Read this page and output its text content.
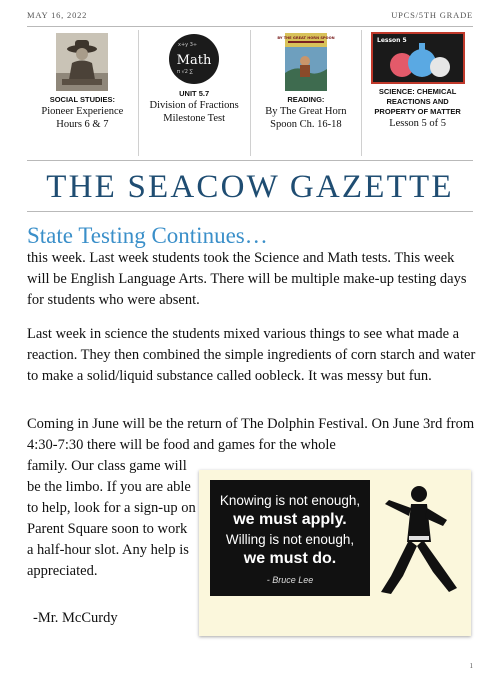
MAY 16, 2022	UPCS/5TH GRADE
SOCIAL STUDIES:
Pioneer Experience Hours 6 & 7
x+y 3÷
π √2 ∑
Math
UNIT 5.7
Division of Fractions Milestone Test
BY THE GREAT HORN SPOON
READING:
By The Great Horn Spoon Ch. 16-18
Lesson 5
SCIENCE: CHEMICAL REACTIONS AND PROPERTY OF MATTER
Lesson 5 of 5
THE SEACOW GAZETTE
State Testing Continues…
this week. Last week students took the Science and Math tests. This week will be English Language Arts. There will be multiple make-up testing days for students who were absent.
Last week in science the students mixed various things to see what made a reaction. They then combined the simple ingredients of corn starch and water to make a solid/liquid substance called oobleck. It was messy but fun.
Coming in June will be the return of The Dolphin Festival. On June 3rd from 4:30-7:30 there will be food and games for the whole
family. Our class game will be the limbo. If you are able to help, look for a sign-up on Parent Square soon to work a half-hour slot. Any help is appreciated.
-Mr. McCurdy
Knowing is not enough,
we must apply.
Willing is not enough,
we must do.
- Bruce Lee
1
